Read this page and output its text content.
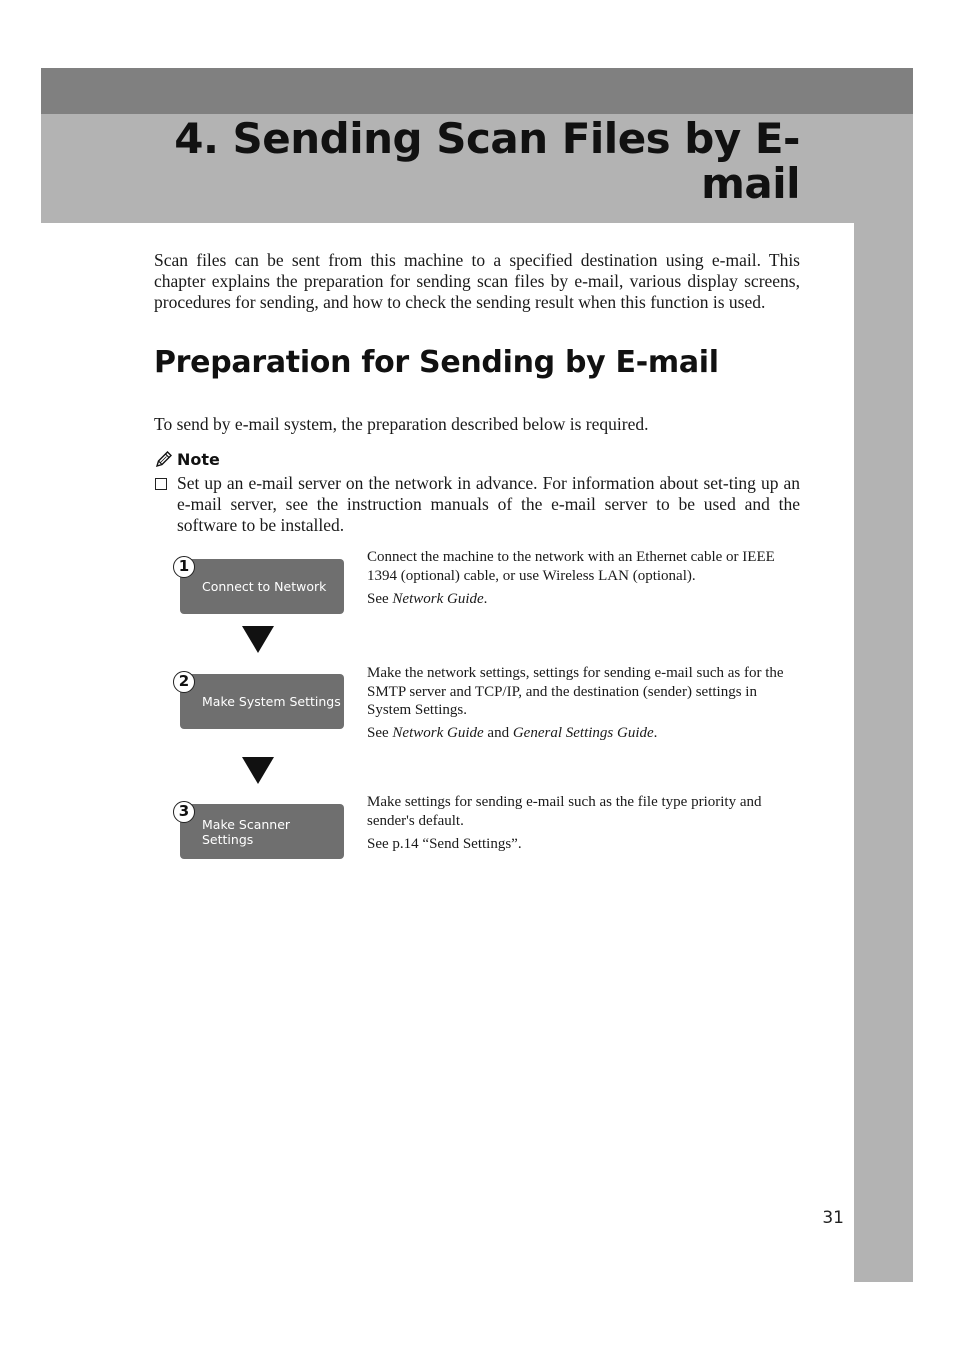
4. Sending Scan Files by E-
mail

Scan files can be sent from this machine to a specified destination using e-mail. This chapter explains the preparation for sending scan files by e-mail, various display screens, procedures for sending, and how to check the sending result when this function is used.

Preparation for Sending by E-mail

To send by e-mail system, the preparation described below is required.

Note

Set up an e-mail server on the network in advance. For information about set-ting up an e-mail server, see the instruction manuals of the e-mail server to be used and the software to be installed.

Connect to Network
1	Connect the machine to the network with an Ethernet cable or IEEE 1394 (optional) cable, or use Wireless LAN (optional).

See Network Guide.

Make System Settings
2	Make the network settings, settings for sending e-mail such as for the SMTP server and TCP/IP, and the destination (sender) settings in System Settings.

See Network Guide and General Settings Guide.

Make Scanner
Settings
3	Make settings for sending e-mail such as the file type priority and sender's default.

See p.14 “Send Settings”.

31
